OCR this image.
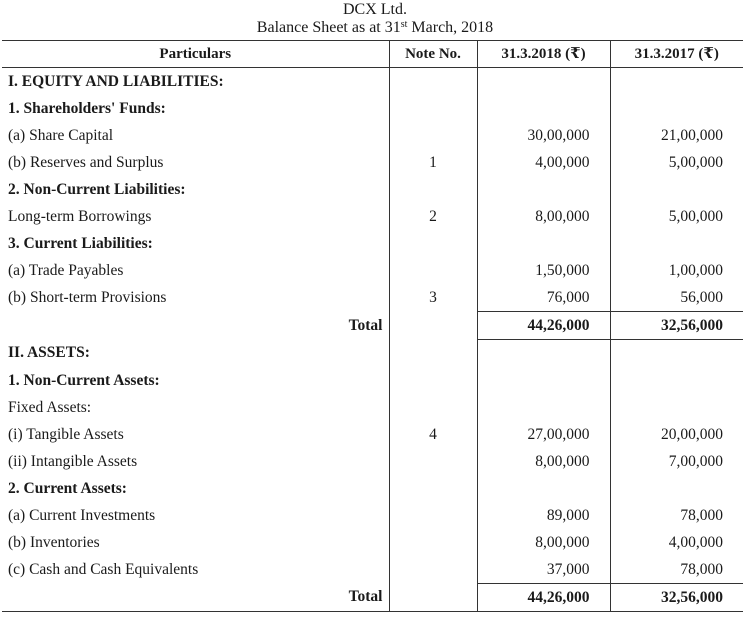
DCX Ltd.
Balance Sheet as at 31st March, 2018
Particulars	Note No.	31.3.2018 (₹)	31.3.2017 (₹)
I. EQUITY AND LIABILITIES:			
1. Shareholders' Funds:			
(a) Share Capital		30,00,000	21,00,000
(b) Reserves and Surplus	1	4,00,000	5,00,000
2. Non-Current Liabilities:			
Long-term Borrowings	2	8,00,000	5,00,000
3. Current Liabilities:			
(a) Trade Payables		1,50,000	1,00,000
(b) Short-term Provisions	3	76,000	56,000
Total		44,26,000	32,56,000
II. ASSETS:			
1. Non-Current Assets:			
Fixed Assets:			
(i) Tangible Assets	4	27,00,000	20,00,000
(ii) Intangible Assets		8,00,000	7,00,000
2. Current Assets:			
(a) Current Investments		89,000	78,000
(b) Inventories		8,00,000	4,00,000
(c) Cash and Cash Equivalents		37,000	78,000
Total		44,26,000	32,56,000
